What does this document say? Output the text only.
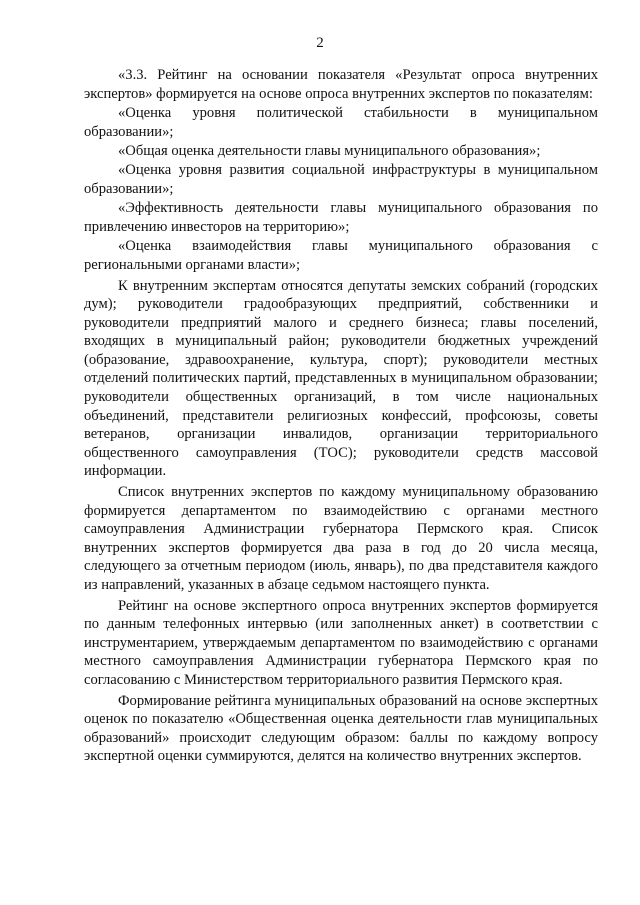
2

«3.3. Рейтинг на основании показателя «Результат опроса внутренних экспертов» формируется на основе опроса внутренних экспертов по показателям:

«Оценка уровня политической стабильности в муниципальном образовании»;

«Общая оценка деятельности главы муниципального образования»;

«Оценка уровня развития социальной инфраструктуры в муниципальном образовании»;

«Эффективность деятельности главы муниципального образования по привлечению инвесторов на территорию»;

«Оценка взаимодействия главы муниципального образования с региональными органами власти»;

К внутренним экспертам относятся депутаты земских собраний (городских дум); руководители градообразующих предприятий, собственники и руководители предприятий малого и среднего бизнеса; главы поселений, входящих в муниципальный район; руководители бюджетных учреждений (образование, здравоохранение, культура, спорт); руководители местных отделений политических партий, представленных в муниципальном образовании; руководители общественных организаций, в том числе национальных объединений, представители религиозных конфессий, профсоюзы, советы ветеранов, организации инвалидов, организации территориального общественного самоуправления (ТОС); руководители средств массовой информации.

Список внутренних экспертов по каждому муниципальному образованию формируется департаментом по взаимодействию с органами местного самоуправления Администрации губернатора Пермского края. Список внутренних экспертов формируется два раза в год до 20 числа месяца, следующего за отчетным периодом (июль, январь), по два представителя каждого из направлений, указанных в абзаце седьмом настоящего пункта.

Рейтинг на основе экспертного опроса внутренних экспертов формируется по данным телефонных интервью (или заполненных анкет) в соответствии с инструментарием, утверждаемым департаментом по взаимодействию с органами местного самоуправления Администрации губернатора Пермского края по согласованию с Министерством территориального развития Пермского края.

Формирование рейтинга муниципальных образований на основе экспертных оценок по показателю «Общественная оценка деятельности глав муниципальных образований» происходит следующим образом: баллы по каждому вопросу экспертной оценки суммируются, делятся на количество внутренних экспертов.
